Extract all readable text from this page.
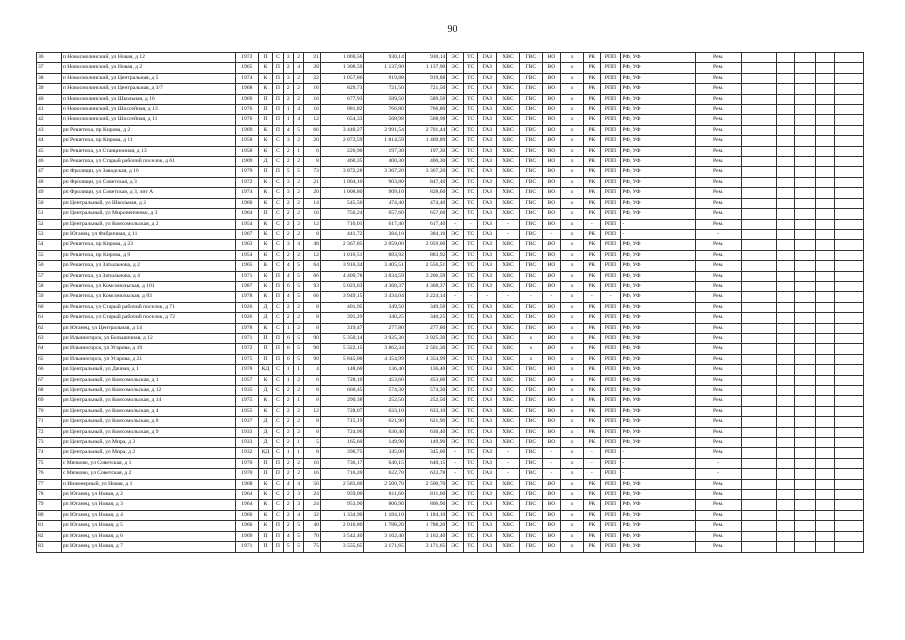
90
36	п Новосмолинский, ул Новая, д 12	1972	П	С	3	2	21	1 069,56	930,14	930,14	ЭС	ТС	ГАЗ	ХВС	ГВС	ВО	х	РК	РПП	РФ, УФ	Рем.					
37	п Новосмолинский, ул Новая, д 2	1965	К	П	2	4	28	1 308,59	1 137,90	1 137,90	ЭС	ТС	ГАЗ	ХВС	ГВС	ВО	х	РК	РПП	РФ, УФ	Рем.					
38	п Новосмолинский, ул Центральная, д 5	1974	К	П	3	2	22	1 057,86	919,88	919,88	ЭС	ТС	ГАЗ	ХВС	ГВС	ВО	х	РК	РПП	РФ, УФ	Рем.					
39	п Новосмолинский, ул Центральная, д 3/7	1968	К	П	2	2	16	829,73	721,50	721,50	ЭС	ТС	ГАЗ	ХВС	ГВС	ВО	х	РК	РПП	РФ, УФ	Рем.					
40	п Новосмолинский, ул Школьная, д 16	1969	П	П	2	2	16	677,93	589,50	589,50	ЭС	ТС	ГАЗ	ХВС	ГВС	ВО	х	РК	РПП	РФ, УФ	Рем.					
41	п Новосмолинский, ул Шоссейная, д 13	1976	П	П	1	4	16	881,82	766,80	766,80	ЭС	ТС	ГАЗ	ХВС	ГВС	ВО	х	РК	РПП	РФ, УФ	Рем.					
42	п Новосмолинский, ул Шоссейная, д 11	1976	П	П	1	4	12	654,33	568,98	568,98	ЭС	ТС	ГАЗ	ХВС	ГВС	ВО	х	РК	РПП	РФ, УФ	Рем.					
43	рп Решетиха, пр Кирова, д 2	1969	К	П	4	5	66	3 440,27	2 991,54	2 701,44	ЭС	ТС	ГАЗ	ХВС	ГВС	ВО	х	РК	РПП	РФ, УФ	Рем.					
44	рп Решетиха, пр Кирова, д 11	1958	К	С	3	2	20	2 072,59	1 814,59	1 469,89	ЭС	ТС	ГАЗ	ХВС	ГВС	ВО	х	РК	РПП	РФ, УФ	Рем.					
45	рп Решетиха, ул Станционная, д 13	1958	К	С	2	1	6	226,90	197,30	197,30	ЭС	ТС	ГАЗ	ХВС	ГВС	ВО	х	РК	РПП	РФ, УФ	Рем.					
46	рп Решетиха, ул Старый рабочий поселок, д 61	1909	Д	С	2	2	8	460,35	400,30	400,30	ЭС	ТС	ГАЗ	ХВС	ГВС	ВО	х	РК	РПП	РФ, УФ	Рем.					
47	рп Фролищи, ул Заводская, д 16	1979	П	П	5	5	73	3 872,28	3 367,20	3 367,20	ЭС	ТС	ГАЗ	ХВС	ГВС	ВО	х	РК	РПП	РФ, УФ	Рем.					
48	рп Фролищи, ул Советская, д 3	1972	К	С	3	2	21	1 004,10	903,80	847,40	ЭС	ТС	ГАЗ	ХВС	ГВС	ВО	х	РК	РПП	РФ, УФ	Рем.					
49	рп Фролищи, ул Советская, д 3, лит А	1974	К	С	3	2	20	1 008,80	909,10	828,60	ЭС	ТС	ГАЗ	ХВС	ГВС	ВО	х	РК	РПП	РФ, УФ	Рем.					
50	рп Центральный, ул Школьная, д 2	1960	К	С	2	2	14	545,56	474,40	474,40	ЭС	ТС	ГАЗ	ХВС	ГВС	ВО	х	РК	РПП	РФ, УФ	Рем.					
51	рп Центральный, ул Мироненченко, д 3	1964	П	С	2	2	16	756,24	657,60	657,60	ЭС	ТС	ГАЗ	ХВС	ГВС	ВО	х	РК	РПП	РФ, УФ	Рем.					
52	рп Центральный, ул Комсомольская, д 2	1954	К	С	2	2	12	710,01	617,40	617,40	-	-	ГАЗ	-	ГВС	ВО	х	-	РПП	-	Рем.					
53	рп Юганец, ул Фабричная, д 11	1967	К	С	2	2	8	441,72	384,10	384,10	ЭС	ТС	ГАЗ	-	ГВС	-	х	РК	РПП	-	-					
54	рп Решетиха, пр Кирова, д 23	1963	К	С	3	4	48	2 367,85	2 059,00	2 059,00	ЭС	ТС	ГАЗ	ХВС	ГВС	ВО	х	РК	РПП	РФ, УФ	Рем.					
55	рп Решетиха, пр Кирова, д 9	1954	К	С	2	2	12	1 016,51	883,92	883,92	ЭС	ТС	ГАЗ	ХВС	ГВС	ВО	х	РК	РПП	РФ, УФ	Рем.					
56	рп Решетиха, ул Затыльнова, д 2	1965	К	С	4	5	64	3 916,34	3 405,51	2 556,51	ЭС	ТС	ГАЗ	ХВС	ГВС	ВО	х	РК	РПП	РФ, УФ	Рем.					
57	рп Решетиха, ул Затыльнова, д 4	1971	К	П	4	5	66	4 409,78	3 834,59	3 206,59	ЭС	ТС	ГАЗ	ХВС	ГВС	ВО	х	РК	РПП	РФ, УФ	Рем.					
58	рп Решетиха, ул Комсомольская, д 101	1987	К	П	6	5	93	5 023,63	4 368,37	4 368,37	ЭС	ТС	ГАЗ	ХВС	ГВС	ВО	х	РК	РПП	РФ, УФ	Рем.					
59	рп Решетиха, ул Комсомольская, д 83	1978	К	П	4	5	66	3 949,15	3 434,04	3 224,14	-	-	-	-	-	-	х	-	-	РФ, УФ	Рем.					
60	рп Решетиха, ул Старый рабочий поселок, д 71	1926	Д	С	2	2	8	401,95	349,50	349,50	ЭС	ТС	ГАЗ	ХВС	ГВС	ВО	х	РК	РПП	РФ, УФ	Рем.					
61	рп Решетиха, ул Старый рабочий поселок, д 72	1926	Д	С	2	2	8	391,29	340,25	340,25	ЭС	ТС	ГАЗ	ХВС	ГВС	ВО	х	РК	РПП	РФ, УФ	Рем.					
62	рп Юганец, ул Центральная, д 14	1978	К	С	1	2	8	319,47	277,80	277,80	ЭС	ТС	ГАЗ	ХВС	ГВС	ВО	х	РК	РПП	РФ, УФ	Рем.					
63	рп Ильиногорск, ул Большичная, д 12	1971	П	П	6	5	90	5 350,14	3 925,30	3 925,30	ЭС	ТС	ГАЗ	ХВС	х	ВО	х	РК	РПП	РФ, УФ	Рем.					
64	рп Ильиногорск, ул Угарова, д 19	1972	П	П	6	5	90	5 322,15	3 862,34	2 501,30	ЭС	ТС	ГАЗ	ХВС	х	ВО	х	РК	РПП	РФ, УФ	Рем.					
65	рп Ильиногорск, ул Угарова, д 21	1975	П	П	6	5	90	5 845,00	4 354,99	4 354,99	ЭС	ТС	ГАЗ	ХВС	х	ВО	х	РК	РПП	РФ, УФ	Рем.					
66	рп Центральный, ул Дачная, д 1	1978	КД	С	1	1	4	148,60	136,40	136,40	ЭС	ТС	ГАЗ	ХВС	ГВС	ВО	х	РК	РПП	РФ, УФ	Рем.					
67	рп Центральный, ул Комсомольская, д 1	1957	К	С	1	2	6	728,10	453,60	453,60	ЭС	ТС	ГАЗ	ХВС	ГВС	ВО	х	РК	РПП	РФ, УФ	Рем.					
68	рп Центральный, ул Комсомольская, д 12	1935	Д	С	2	2	8	660,45	574,30	574,30	ЭС	ТС	ГАЗ	ХВС	ГВС	ВО	х	РК	РПП	РФ, УФ	Рем.					
69	рп Центральный, ул Комсомольская, д 14	1975	К	С	2	1	8	290,38	252,50	252,50	ЭС	ТС	ГАЗ	ХВС	ГВС	ВО	х	РК	РПП	РФ, УФ	Рем.					
70	рп Центральный, ул Комсомольская, д 4	1955	К	С	2	2	12	728,07	633,10	633,10	ЭС	ТС	ГАЗ	ХВС	ГВС	ВО	х	РК	РПП	РФ, УФ	Рем.					
71	рп Центральный, ул Комсомольская, д 8	1937	Д	С	2	2	8	715,19	621,90	621,90	ЭС	ТС	ГАЗ	ХВС	ГВС	ВО	х	РК	РПП	РФ, УФ	Рем.					
72	рп Центральный, ул Комсомольская, д 9	1933	Д	С	2	2	8	724,96	630,40	630,40	ЭС	ТС	ГАЗ	ХВС	ГВС	ВО	х	РК	РПП	РФ, УФ	Рем.					
73	рп Центральный, ул Мира, д 3	1933	Д	С	2	1	5	165,60	149,90	149,90	ЭС	ТС	ГАЗ	ХВС	ГВС	ВО	х	РК	РПП	РФ, УФ	Рем.					
74	рп Центральный, ул Мира, д 2	1932	КД	С	1	1	8	396,75	345,00	345,00	-	ТС	ГАЗ	-	ГВС	-	х	-	РПП	-	Рем.					
75	с Мячково, ул Советская, д 1	1970	П	П	2	2	16	736,17	640,15	640,15	-	ТС	ГАЗ	-	ГВС	-	х	-	РПП	-	-					
76	с Мячково, ул Советская, д 2	1970	П	П	2	2	16	716,20	622,78	622,78	-	ТС	ГАЗ	-	ГВС	-	х	-	РПП	-	-					
77	п Инженерный, ул Новая, д 1	1968	К	С	4	4	56	2 583,60	2 500,70	2 500,70	ЭС	ТС	ГАЗ	ХВС	ГВС	ВО	х	РК	РПП	РФ, УФ	Рем.					
78	рп Юганец, ул Новая, д 2	1964	К	С	2	3	24	959,00	811,60	811,60	ЭС	ТС	ГАЗ	ХВС	ГВС	ВО	х	РК	РПП	РФ, УФ	Рем.					
79	рп Юганец, ул Новая, д 3	1964	К	С	2	3	24	953,90	806,90	806,90	ЭС	ТС	ГАЗ	ХВС	ГВС	ВО	х	РК	РПП	РФ, УФ	Рем.					
80	рп Юганец, ул Новая, д 4	1966	К	С	2	4	32	1 334,90	1 184,10	1 184,10	ЭС	ТС	ГАЗ	ХВС	ГВС	ВО	х	РК	РПП	РФ, УФ	Рем.					
81	рп Юганец, ул Новая, д 5	1966	К	П	2	5	40	2 010,80	1 788,20	1 788,20	ЭС	ТС	ГАЗ	ХВС	ГВС	ВО	х	РК	РПП	РФ, УФ	Рем.					
82	рп Юганец, ул Новая, д 6	1969	П	П	4	5	70	3 542,40	3 162,40	3 162,40	ЭС	ТС	ГАЗ	ХВС	ГВС	ВО	х	РК	РПП	РФ, УФ	Рем.					
83	рп Юганец, ул Новая, д 7	1971	П	П	5	5	75	3 555,65	3 171,65	3 171,65	ЭС	ТС	ГАЗ	ХВС	ГВС	ВО	х	РК	РПП	РФ, УФ	Рем.					
